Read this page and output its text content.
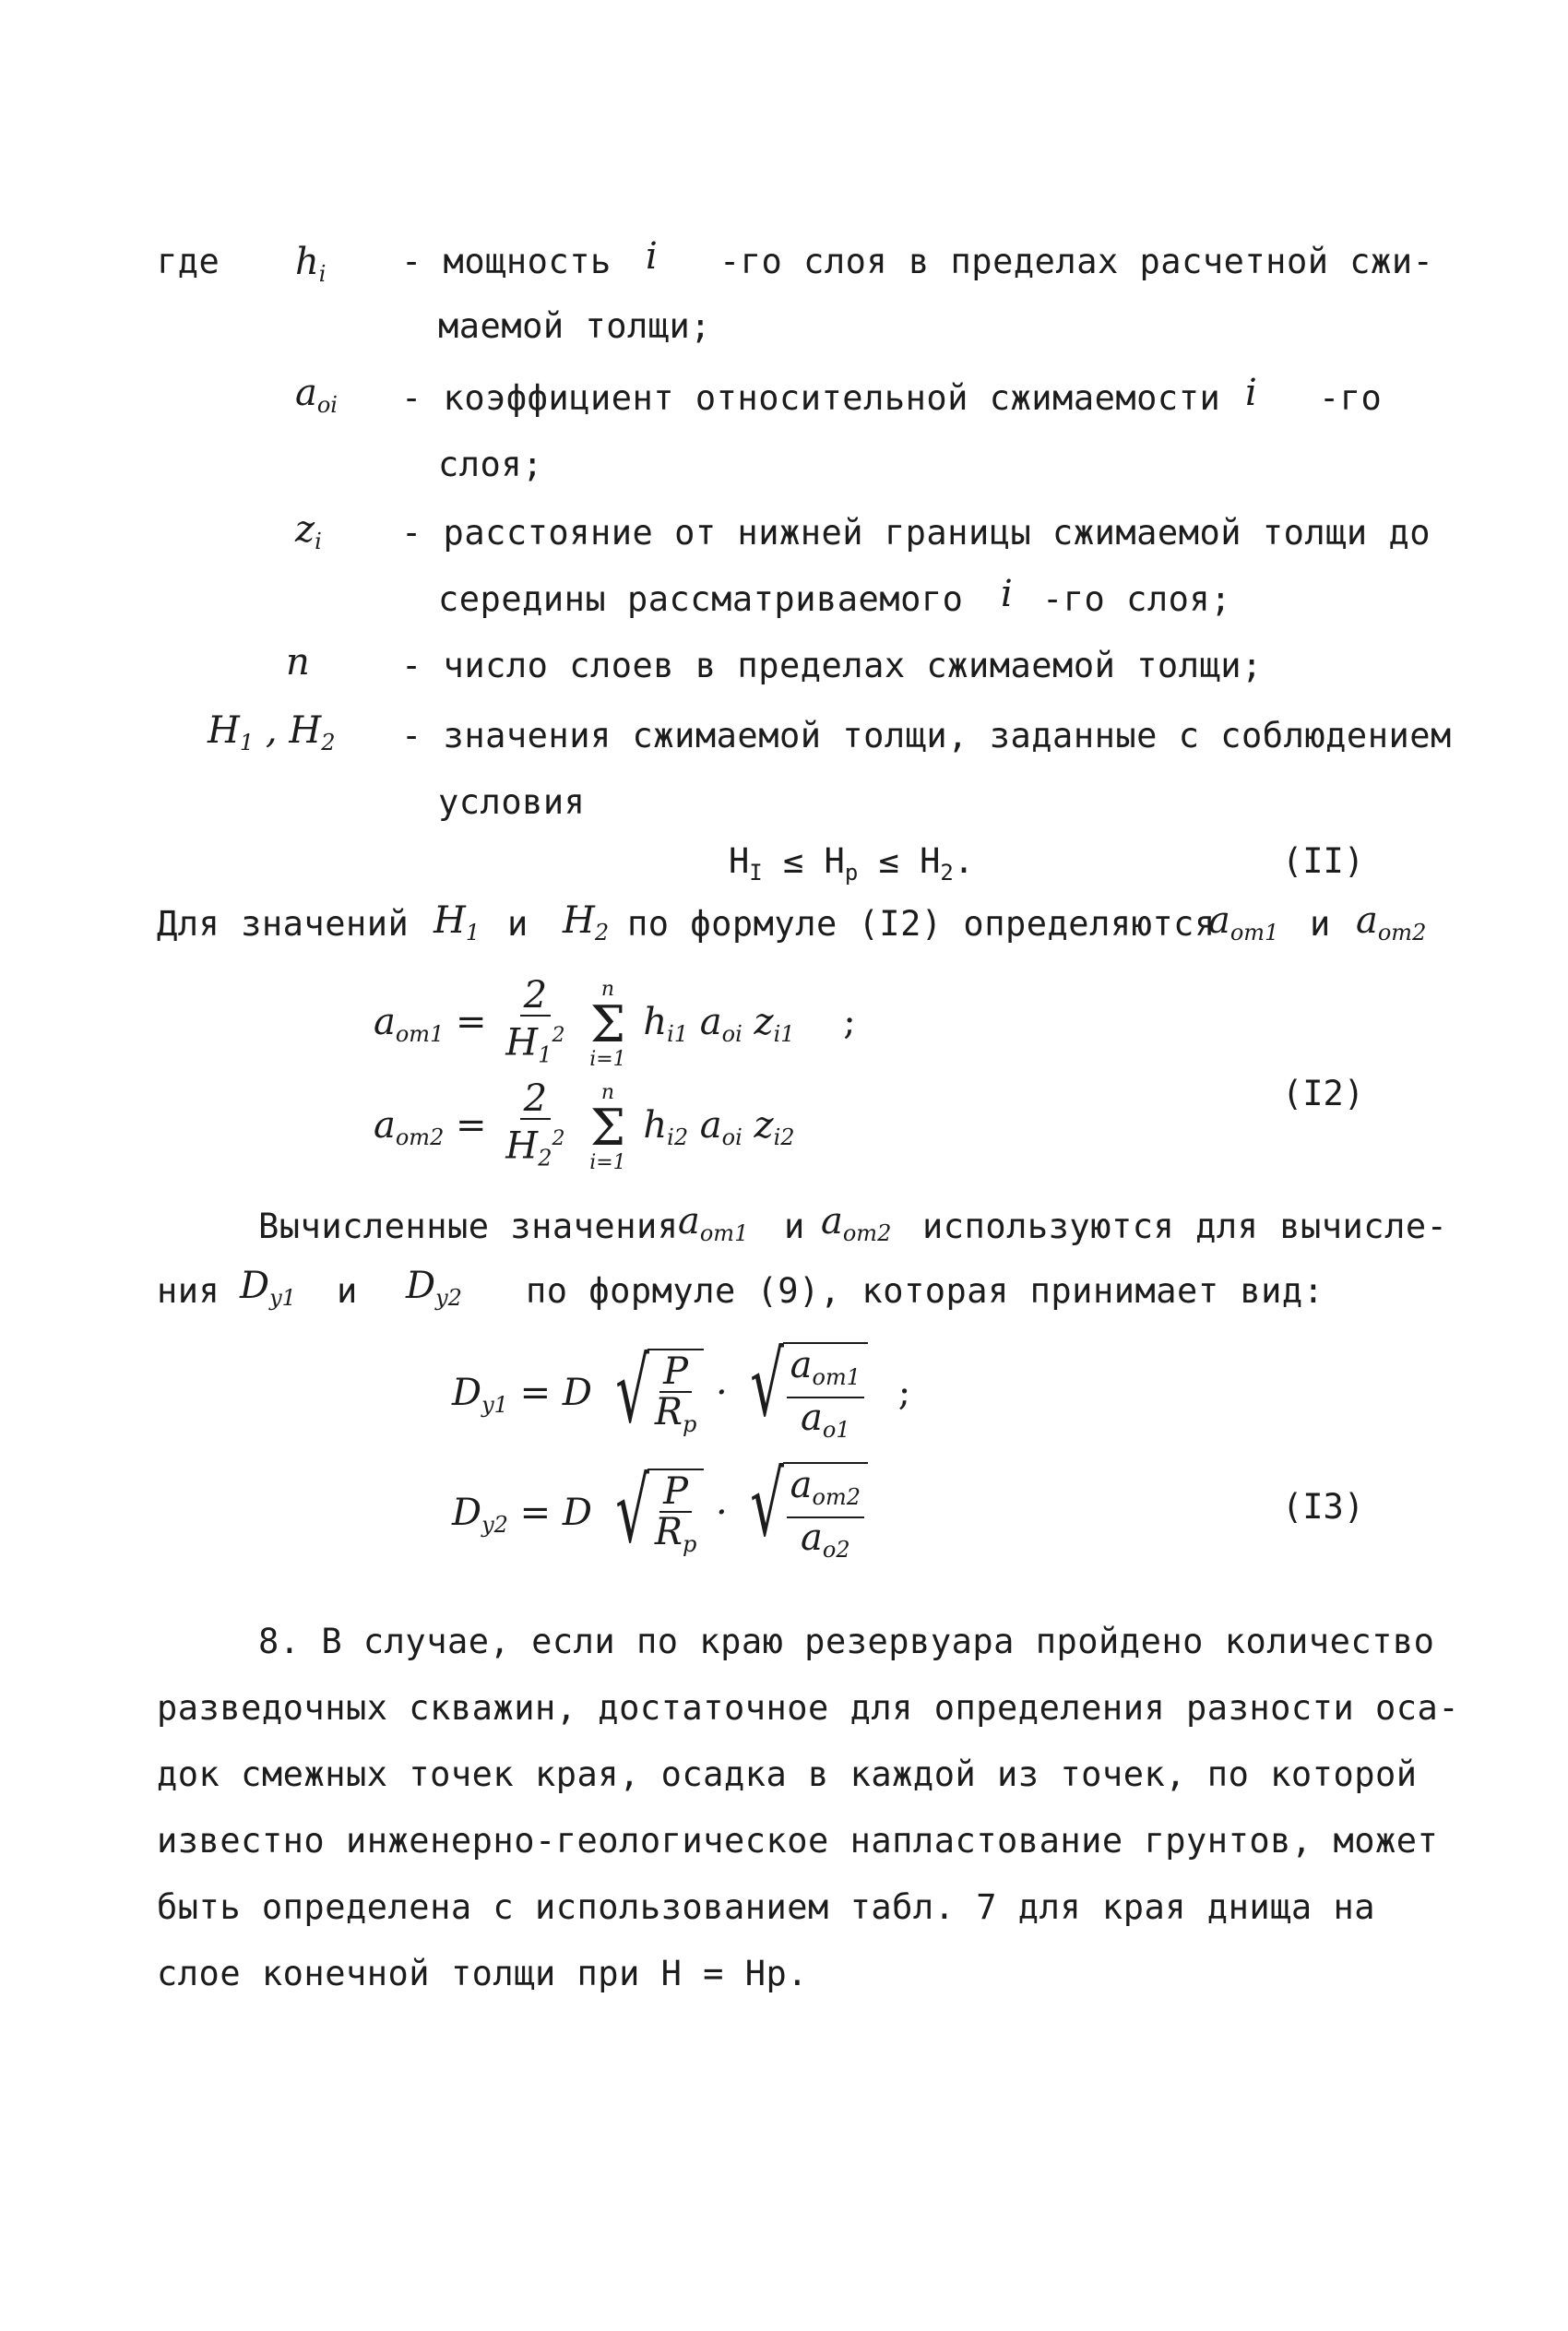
где $h_i$ - мощность i -го слоя в пределах расчетной сжи-
маемой толщи;
$a_{oi}$ - коэффициент относительной сжимаемости i -го
слоя;
$z_i$ - расстояние от нижней границы сжимаемой толщи до
середины рассматриваемого i -го слоя;
n	- число слоев в пределах сжимаемой толщи;
$H_1$ , $H_2$ - значения сжимаемой толщи, заданные с соблюдением
условия
$H_I \le H_p \le H_2$.	(II)
Для значений $H_1$ и $H_2$ по формуле (I2) определяются
$a_{om1}$ и $a_{om2}$
$a_{om1} = \frac{2}{H_1^2}$
n
Σ
i=1
$h_{i1}$ $a_{oi}$ $z_{i1}$ ;
$a_{om2} = \frac{2}{H_2^2}$
n
Σ
i=1
$h_{i2}$ $a_{oi}$ $z_{i2}$
(I2)
Вычисленные значения $a_{om1}$ и $a_{om2}$ используются для вычисле-
ния $D_{y1}$ и $D_{y2}$ по формуле (9), которая принимает вид:
$D_{y1} = D$ √ $\frac{P}{R_p}$ · √ $\frac{a_{om1}}{a_{o1}}$ ;
$D_{y2} = D$ √ $\frac{P}{R_p}$ · √ $\frac{a_{om2}}{a_{o2}}$	(I3)
8. В случае, если по краю резервуара пройдено количество
разведочных скважин, достаточное для определения разности оса-
док смежных точек края, осадка в каждой из точек, по которой
известно инженерно-геологическое напластование грунтов, может
быть определена с использованием табл. 7 для края днища на
слое конечной толщи при Н = Нр.
